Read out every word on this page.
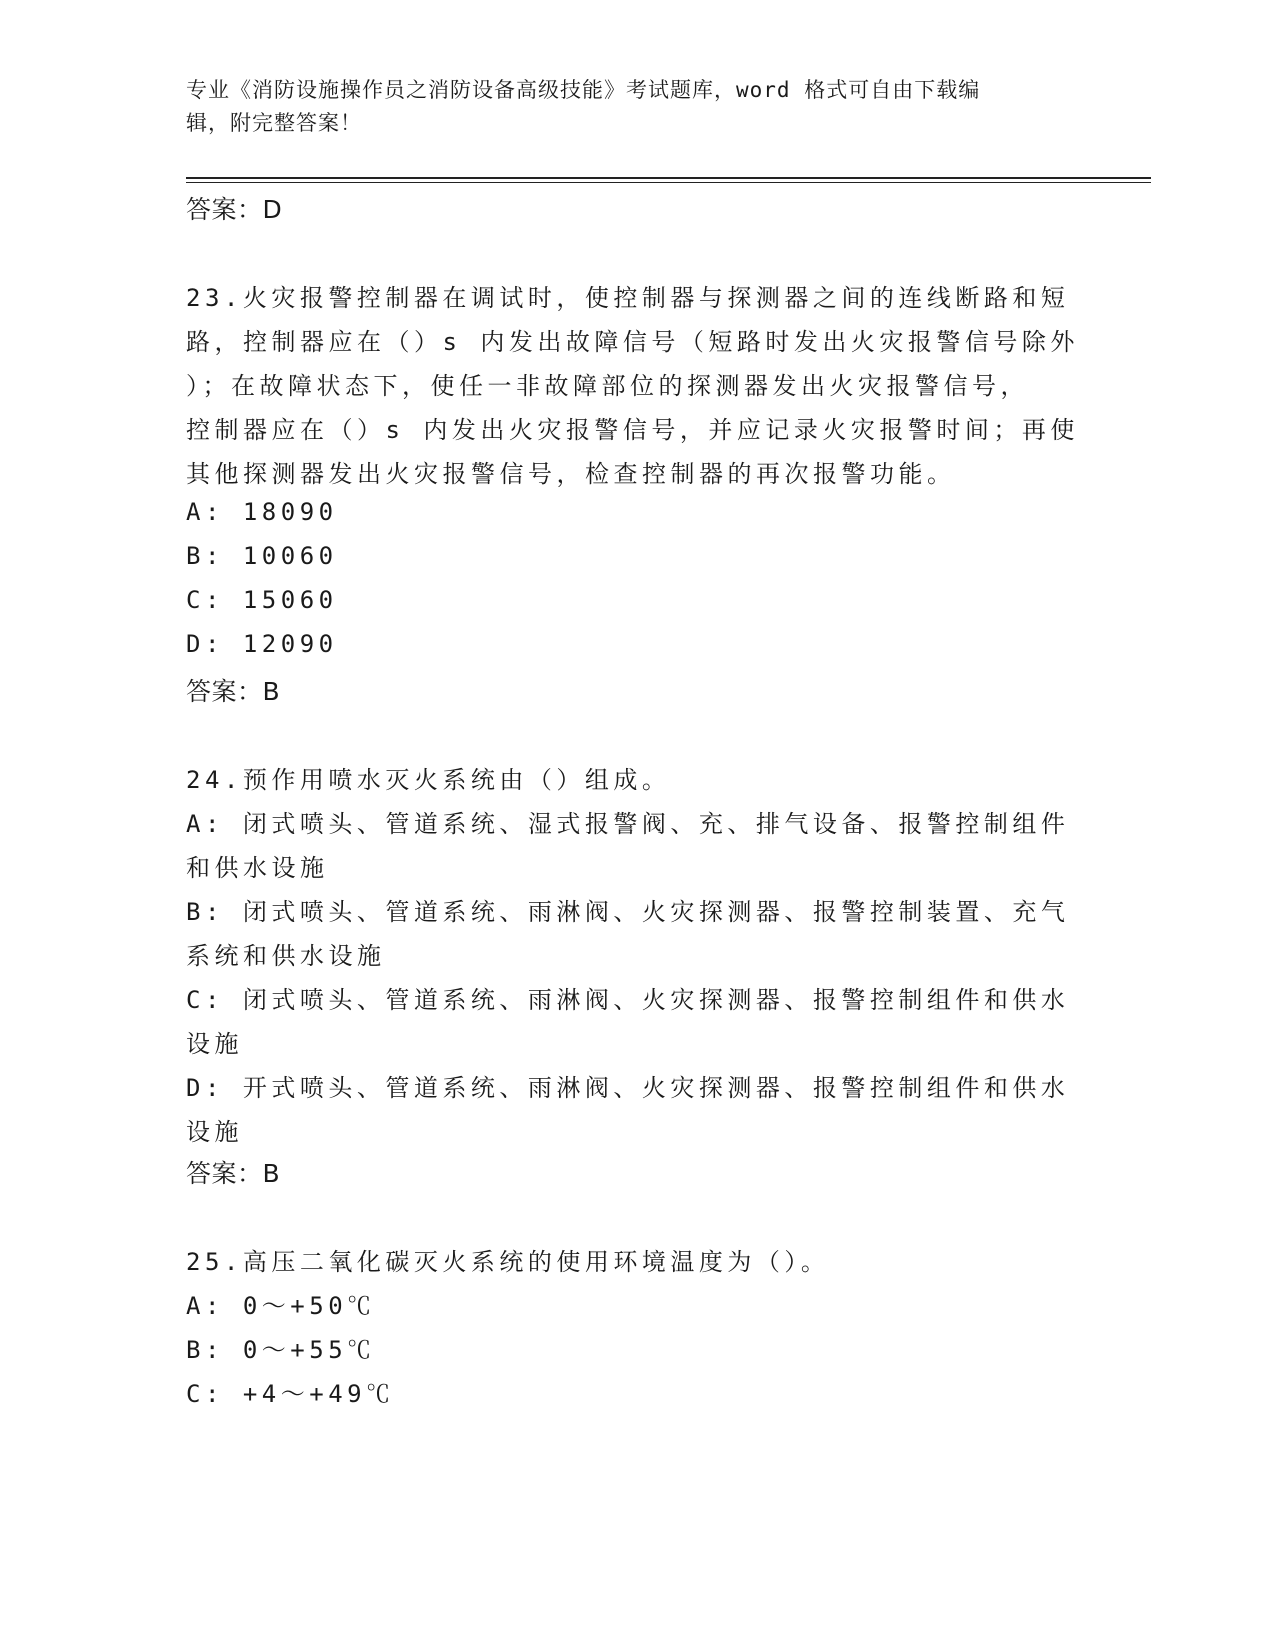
专业《消防设施操作员之消防设备高级技能》考试题库，word 格式可自由下载编
辑，附完整答案！
答案：D
23.火灾报警控制器在调试时，使控制器与探测器之间的连线断路和短
路，控制器应在（）s 内发出故障信号（短路时发出火灾报警信号除外
）；在故障状态下，使任一非故障部位的探测器发出火灾报警信号，
控制器应在（）s 内发出火灾报警信号，并应记录火灾报警时间；再使
其他探测器发出火灾报警信号，检查控制器的再次报警功能。
A: 18090
B: 10060
C: 15060
D: 12090
答案：B
24.预作用喷水灭火系统由（）组成。
A: 闭式喷头、管道系统、湿式报警阀、充、排气设备、报警控制组件
和供水设施
B: 闭式喷头、管道系统、雨淋阀、火灾探测器、报警控制装置、充气
系统和供水设施
C: 闭式喷头、管道系统、雨淋阀、火灾探测器、报警控制组件和供水
设施
D: 开式喷头、管道系统、雨淋阀、火灾探测器、报警控制组件和供水
设施
答案：B
25.高压二氧化碳灭火系统的使用环境温度为（）。
A: 0～+50℃
B: 0～+55℃
C: +4～+49℃
